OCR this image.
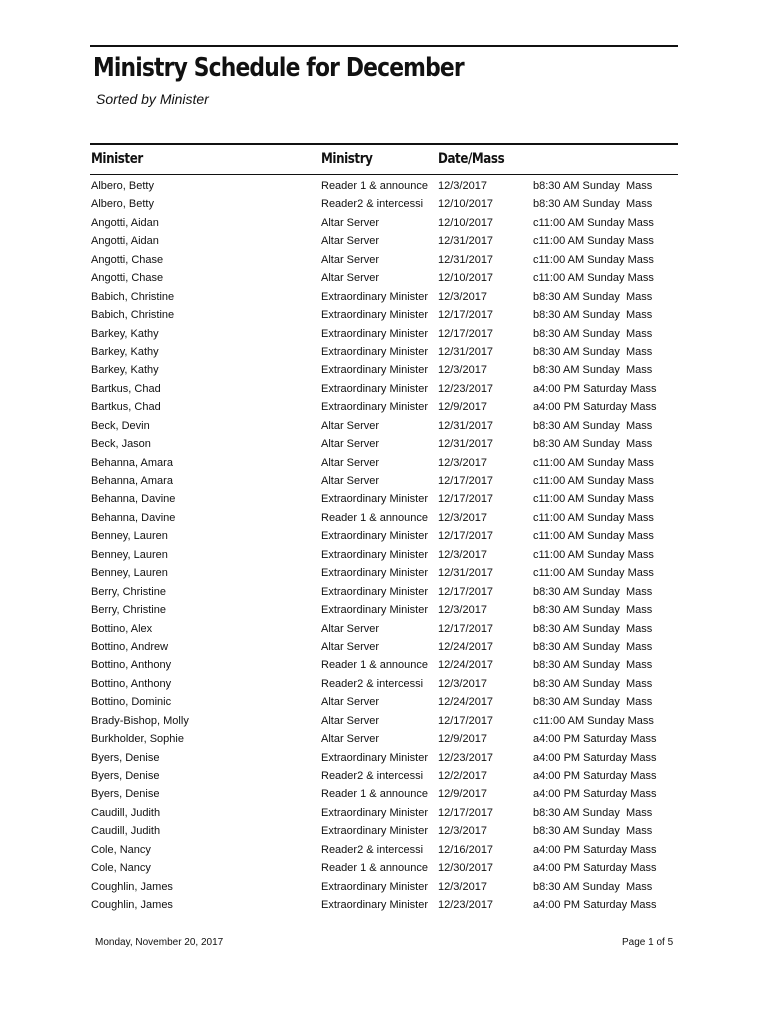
Ministry Schedule for December
Sorted by Minister
Minister	Ministry	Date/Mass
Albero, Betty	Reader 1 & announce 12/3/2017	b8:30 AM Sunday  Mass
Albero, Betty	Reader2 & intercessi	12/10/2017	b8:30 AM Sunday  Mass
Angotti, Aidan	Altar Server	12/10/2017	c11:00 AM Sunday Mass
Angotti, Aidan	Altar Server	12/31/2017	c11:00 AM Sunday Mass
Angotti, Chase	Altar Server	12/31/2017	c11:00 AM Sunday Mass
Angotti, Chase	Altar Server	12/10/2017	c11:00 AM Sunday Mass
Babich, Christine	Extraordinary Minister 12/3/2017	b8:30 AM Sunday  Mass
Babich, Christine	Extraordinary Minister 12/17/2017	b8:30 AM Sunday  Mass
Barkey, Kathy	Extraordinary Minister 12/17/2017	b8:30 AM Sunday  Mass
Barkey, Kathy	Extraordinary Minister 12/31/2017	b8:30 AM Sunday  Mass
Barkey, Kathy	Extraordinary Minister 12/3/2017	b8:30 AM Sunday  Mass
Bartkus, Chad	Extraordinary Minister 12/23/2017	a4:00 PM Saturday Mass
Bartkus, Chad	Extraordinary Minister 12/9/2017	a4:00 PM Saturday Mass
Beck, Devin	Altar Server	12/31/2017	b8:30 AM Sunday  Mass
Beck, Jason	Altar Server	12/31/2017	b8:30 AM Sunday  Mass
Behanna, Amara	Altar Server	12/3/2017	c11:00 AM Sunday Mass
Behanna, Amara	Altar Server	12/17/2017	c11:00 AM Sunday Mass
Behanna, Davine	Extraordinary Minister 12/17/2017	c11:00 AM Sunday Mass
Behanna, Davine	Reader 1 & announce 12/3/2017	c11:00 AM Sunday Mass
Benney, Lauren	Extraordinary Minister 12/17/2017	c11:00 AM Sunday Mass
Benney, Lauren	Extraordinary Minister 12/3/2017	c11:00 AM Sunday Mass
Benney, Lauren	Extraordinary Minister 12/31/2017	c11:00 AM Sunday Mass
Berry, Christine	Extraordinary Minister 12/17/2017	b8:30 AM Sunday  Mass
Berry, Christine	Extraordinary Minister 12/3/2017	b8:30 AM Sunday  Mass
Bottino, Alex	Altar Server	12/17/2017	b8:30 AM Sunday  Mass
Bottino, Andrew	Altar Server	12/24/2017	b8:30 AM Sunday  Mass
Bottino, Anthony	Reader 1 & announce 12/24/2017	b8:30 AM Sunday  Mass
Bottino, Anthony	Reader2 & intercessi	12/3/2017	b8:30 AM Sunday  Mass
Bottino, Dominic	Altar Server	12/24/2017	b8:30 AM Sunday  Mass
Brady-Bishop, Molly	Altar Server	12/17/2017	c11:00 AM Sunday Mass
Burkholder, Sophie	Altar Server	12/9/2017	a4:00 PM Saturday Mass
Byers, Denise	Extraordinary Minister 12/23/2017	a4:00 PM Saturday Mass
Byers, Denise	Reader2 & intercessi	12/2/2017	a4:00 PM Saturday Mass
Byers, Denise	Reader 1 & announce 12/9/2017	a4:00 PM Saturday Mass
Caudill, Judith	Extraordinary Minister 12/17/2017	b8:30 AM Sunday  Mass
Caudill, Judith	Extraordinary Minister 12/3/2017	b8:30 AM Sunday  Mass
Cole, Nancy	Reader2 & intercessi	12/16/2017	a4:00 PM Saturday Mass
Cole, Nancy	Reader 1 & announce 12/30/2017	a4:00 PM Saturday Mass
Coughlin, James	Extraordinary Minister 12/3/2017	b8:30 AM Sunday  Mass
Coughlin, James	Extraordinary Minister 12/23/2017	a4:00 PM Saturday Mass
Monday, November 20, 2017	Page 1 of 5
